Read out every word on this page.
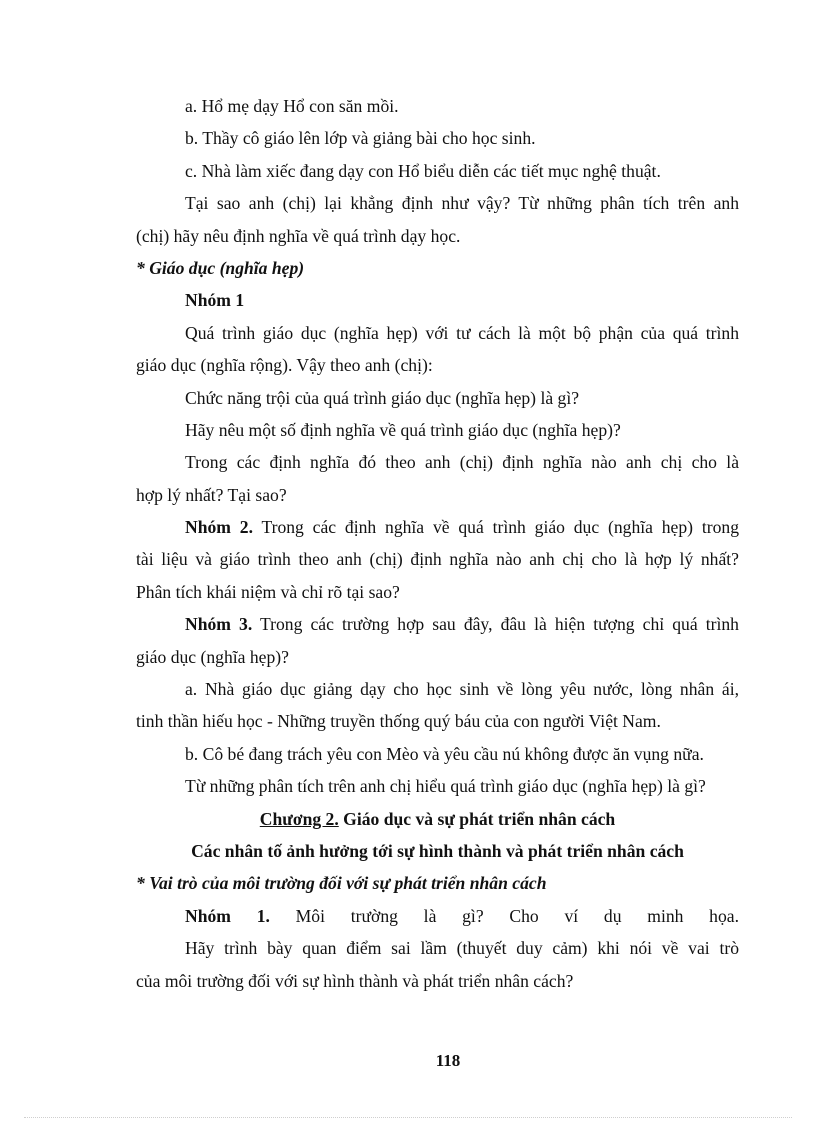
a. Hổ mẹ dạy Hổ con săn mồi.
b. Thầy cô giáo lên lớp và giảng bài cho học sinh.
c. Nhà làm xiếc đang dạy con Hổ biểu diễn các tiết mục nghệ thuật.
Tại sao anh (chị) lại khẳng định như vậy? Từ những phân tích trên anh
(chị) hãy nêu định nghĩa về quá trình dạy học.
* Giáo dục (nghĩa hẹp)
Nhóm 1
Quá trình giáo dục (nghĩa hẹp) với tư cách là một bộ phận của quá trình
giáo dục (nghĩa rộng). Vậy theo anh (chị):
Chức năng trội của quá trình giáo dục (nghĩa hẹp) là gì?
Hãy nêu một số định nghĩa về quá trình giáo dục (nghĩa hẹp)?
Trong các định nghĩa đó theo anh (chị) định nghĩa nào anh chị cho là
hợp lý nhất? Tại sao?
Nhóm 2. Trong các định nghĩa về quá trình giáo dục (nghĩa hẹp) trong
tài liệu và giáo trình theo anh (chị) định nghĩa nào anh chị cho là hợp lý nhất?
Phân tích khái niệm và chỉ rõ tại sao?
Nhóm 3. Trong các trường hợp sau đây, đâu là hiện tượng chỉ quá trình
giáo dục (nghĩa hẹp)?
a. Nhà giáo dục giảng dạy cho học sinh về lòng yêu nước, lòng nhân ái,
tinh thần hiếu học - Những truyền thống quý báu của con người Việt Nam.
b. Cô bé đang trách yêu con Mèo và yêu cầu nú không được ăn vụng nữa.
Từ những phân tích trên anh chị hiểu quá trình giáo dục (nghĩa hẹp) là gì?
Chương 2. Giáo dục và sự phát triển nhân cách
Các nhân tố ảnh hưởng tới sự hình thành và phát triển nhân cách
* Vai trò của môi trường đối với sự phát triển nhân cách
Nhóm 1. Môi trường là gì? Cho ví dụ minh họa.
Hãy trình bày quan điểm sai lầm (thuyết duy cảm) khi nói về vai trò
của môi trường đối với sự hình thành và phát triển nhân cách?
118
